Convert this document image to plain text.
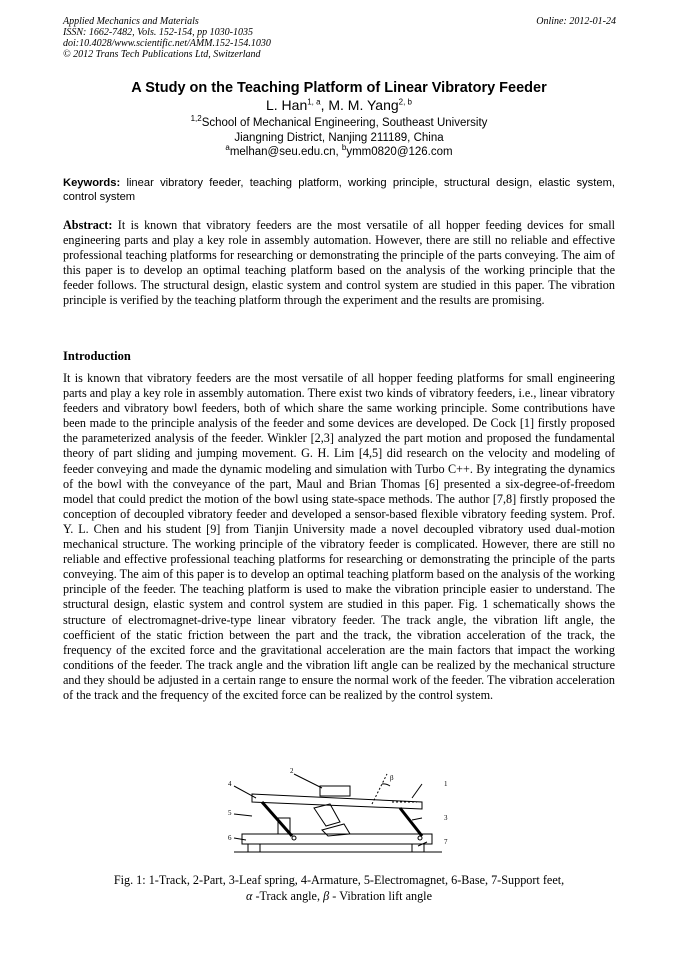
Applied Mechanics and Materials
ISSN: 1662-7482, Vols. 152-154, pp 1030-1035
doi:10.4028/www.scientific.net/AMM.152-154.1030
© 2012 Trans Tech Publications Ltd, Switzerland
Online: 2012-01-24
A Study on the Teaching Platform of Linear Vibratory Feeder
L. Han$^{1, a}$, M. M. Yang$^{2, b}$
$^{1,2}$School of Mechanical Engineering, Southeast University
Jiangning District, Nanjing 211189, China
$^a$melhan@seu.edu.cn, $^b$ymm0820@126.com
Keywords: linear vibratory feeder, teaching platform, working principle, structural design, elastic system, control system
Abstract: It is known that vibratory feeders are the most versatile of all hopper feeding devices for small engineering parts and play a key role in assembly automation. However, there are still no reliable and effective professional teaching platforms for researching or demonstrating the principle of the parts conveying. The aim of this paper is to develop an optimal teaching platform based on the analysis of the working principle that the feeder follows. The structural design, elastic system and control system are studied in this paper. The vibration principle is verified by the teaching platform through the experiment and the results are promising.
Introduction
It is known that vibratory feeders are the most versatile of all hopper feeding platforms for small engineering parts and play a key role in assembly automation. There exist two kinds of vibratory feeders, i.e., linear vibratory feeders and vibratory bowl feeders, both of which share the same working principle. Some contributions have been made to the principle analysis of the feeder and some devices are developed. De Cock [1] firstly proposed the parameterized analysis of the feeder. Winkler [2,3] analyzed the part motion and proposed the fundamental theory of part sliding and jumping movement. G. H. Lim [4,5] did research on the velocity and modeling of feeder conveying and made the dynamic modeling and simulation with Turbo C++. By integrating the dynamics of the bowl with the conveyance of the part, Maul and Brian Thomas [6] presented a six-degree-of-freedom model that could predict the motion of the bowl using state-space methods. The author [7,8] firstly proposed the conception of decoupled vibratory feeder and developed a sensor-based flexible vibratory feeding system. Prof. Y. L. Chen and his student [9] from Tianjin University made a novel decoupled vibratory used dual-motion mechanical structure. The working principle of the vibratory feeder is complicated. However, there are still no reliable and effective professional teaching platforms for researching or demonstrating the principle of the parts conveying. The aim of this paper is to develop an optimal teaching platform based on the analysis of the working principle of the feeder. The teaching platform is used to make the vibration principle easier to understand. The structural design, elastic system and control system are studied in this paper. Fig. 1 schematically shows the structure of electromagnet-drive-type linear vibratory feeder. The track angle, the vibration lift angle, the coefficient of the static friction between the part and the track, the vibration acceleration of the track, the frequency of the excited force and the gravitational acceleration are the main factors that impact the working conditions of the feeder. The track angle and the vibration lift angle can be realized by the mechanical structure and they should be adjusted in a certain range to ensure the normal work of the feeder. The vibration acceleration of the track and the frequency of the excited force can be realized by the control system.
2
4
5
6
1
3
7
β
Fig. 1: 1-Track, 2-Part, 3-Leaf spring, 4-Armature, 5-Electromagnet, 6-Base, 7-Support feet,
α -Track angle, β - Vibration lift angle
